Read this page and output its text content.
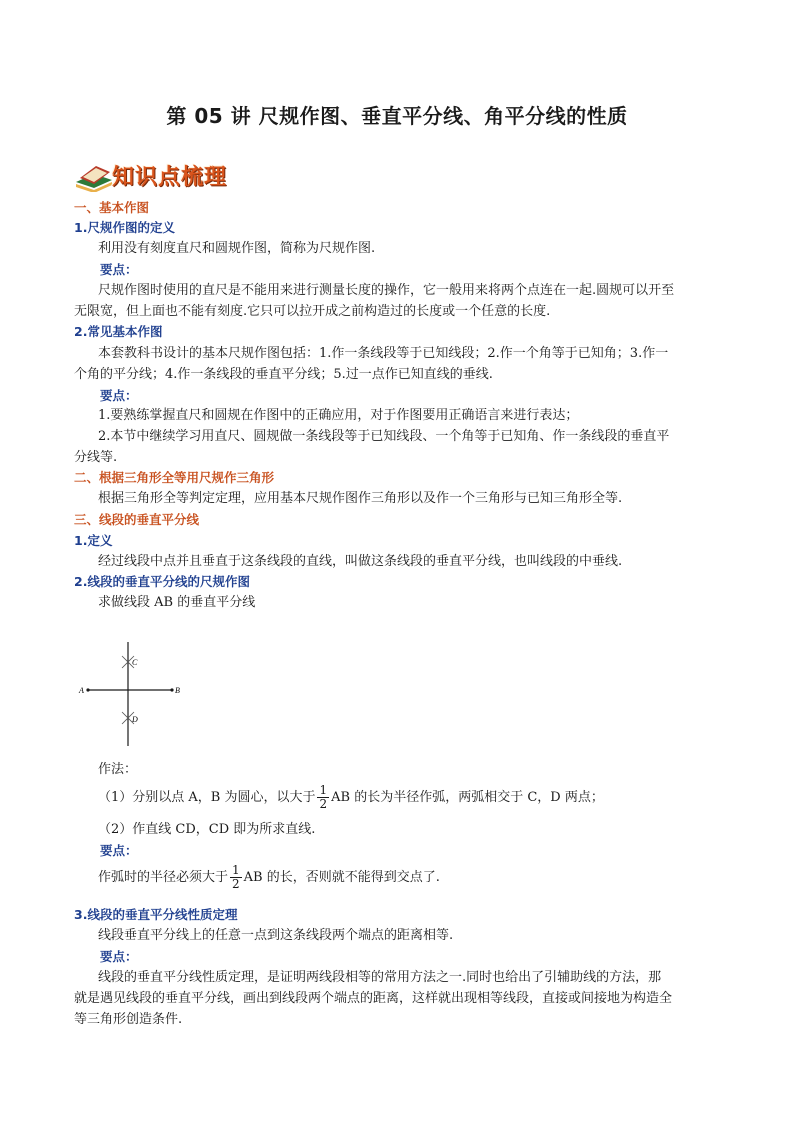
第 05 讲 尺规作图、垂直平分线、角平分线的性质
知识点梳理
一、基本作图
1.尺规作图的定义
利用没有刻度直尺和圆规作图，简称为尺规作图.
要点：
尺规作图时使用的直尺是不能用来进行测量长度的操作，它一般用来将两个点连在一起.圆规可以开至
无限宽，但上面也不能有刻度.它只可以拉开成之前构造过的长度或一个任意的长度.
2.常见基本作图
本套教科书设计的基本尺规作图包括：1.作一条线段等于已知线段；2.作一个角等于已知角；3.作一
个角的平分线；4.作一条线段的垂直平分线；5.过一点作已知直线的垂线.
要点：
1.要熟练掌握直尺和圆规在作图中的正确应用，对于作图要用正确语言来进行表达；
2.本节中继续学习用直尺、圆规做一条线段等于已知线段、一个角等于已知角、作一条线段的垂直平
分线等.
二、根据三角形全等用尺规作三角形
根据三角形全等判定定理，应用基本尺规作图作三角形以及作一个三角形与已知三角形全等.
三、线段的垂直平分线
1.定义
经过线段中点并且垂直于这条线段的直线，叫做这条线段的垂直平分线，也叫线段的中垂线.
2.线段的垂直平分线的尺规作图
求做线段 AB 的垂直平分线
A	B
C
D
作法：
（1）分别以点 A，B 为圆心，以大于 $\frac{1}{2}$ AB 的长为半径作弧，两弧相交于 C，D 两点；
（2）作直线 CD，CD 即为所求直线.
要点：
作弧时的半径必须大于 $\frac{1}{2}$ AB 的长，否则就不能得到交点了.
3.线段的垂直平分线性质定理
线段垂直平分线上的任意一点到这条线段两个端点的距离相等.
要点：
线段的垂直平分线性质定理，是证明两线段相等的常用方法之一.同时也给出了引辅助线的方法，那
就是遇见线段的垂直平分线，画出到线段两个端点的距离，这样就出现相等线段，直接或间接地为构造全
等三角形创造条件.
